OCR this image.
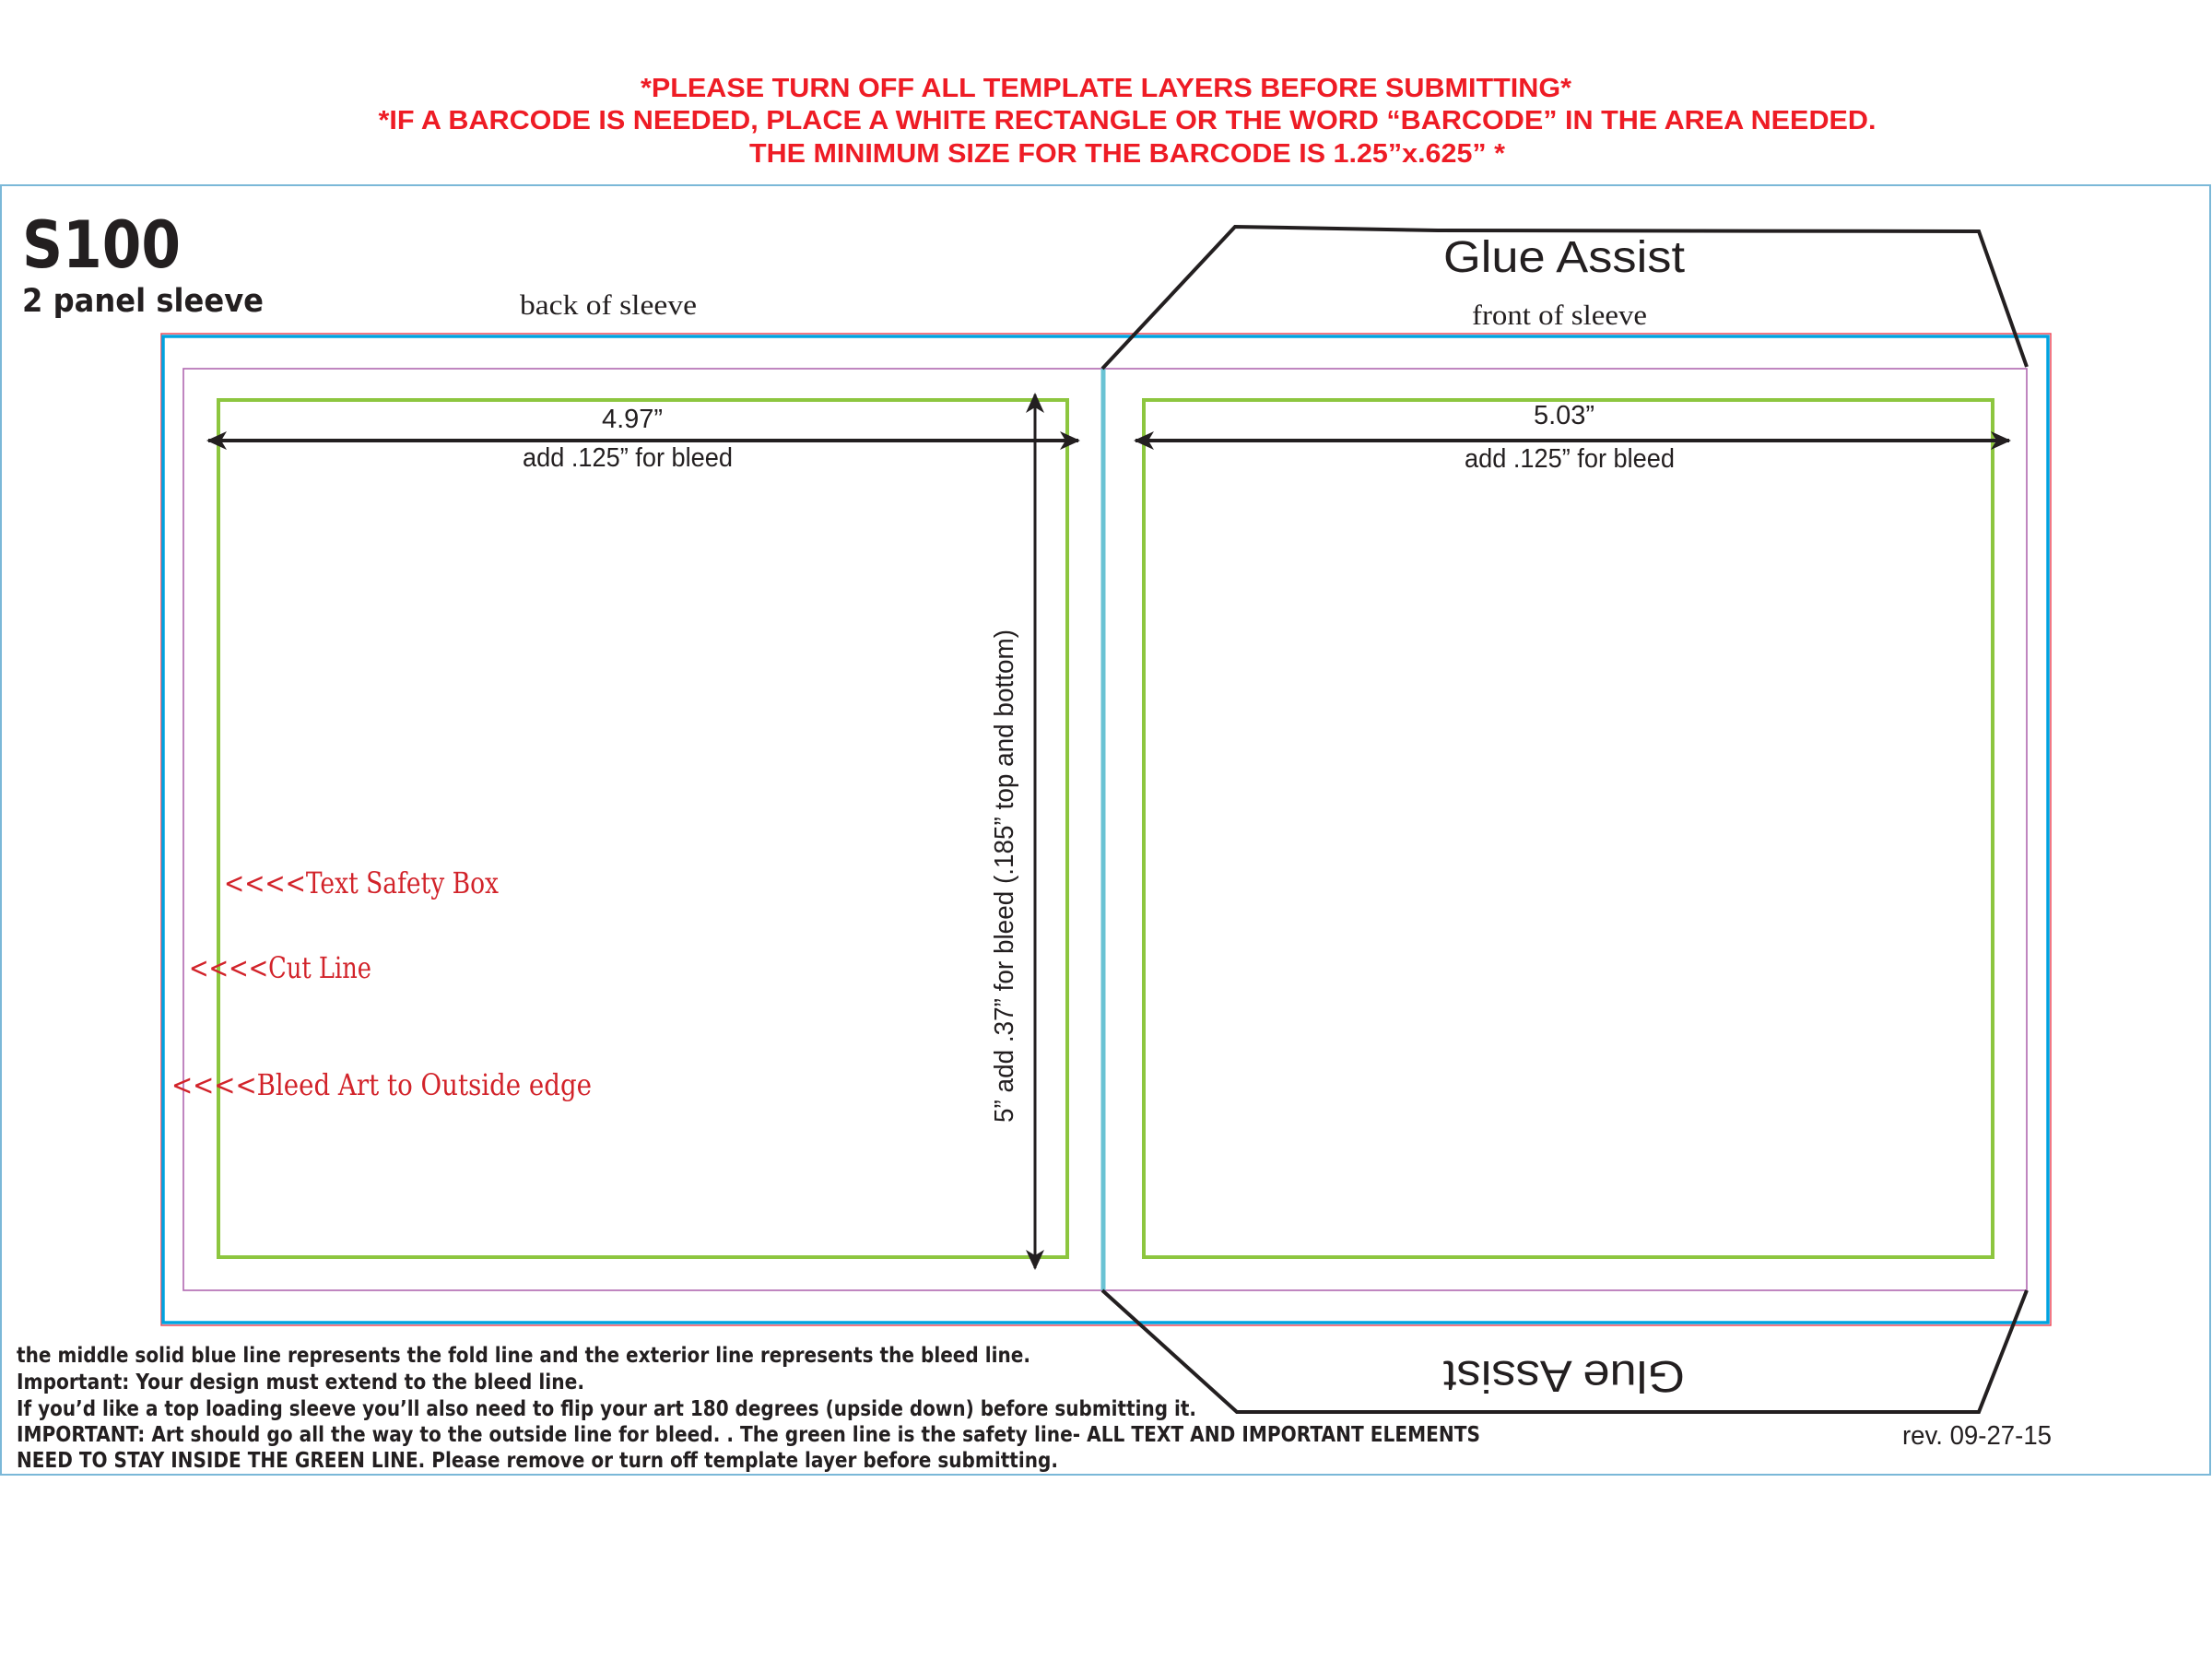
*PLEASE TURN OFF ALL TEMPLATE LAYERS BEFORE SUBMITTING*
*IF A BARCODE IS NEEDED, PLACE A WHITE RECTANGLE OR THE WORD “BARCODE” IN THE AREA NEEDED.
THE MINIMUM SIZE FOR THE BARCODE IS 1.25”x.625” *
S100
2 panel sleeve	back of sleeve	front of sleeve
Glue Assist
Glue Assist
4.97”
add .125” for bleed
5.03”
add .125” for bleed
5” add .37” for bleed (.185” top and bottom)
<<<<Text Safety Box
<<<<Cut Line
<<<<Bleed Art to Outside edge
the middle solid blue line represents the fold line and the exterior line represents the bleed line.
Important: Your design must extend to the bleed line.
If you’d like a top loading sleeve you’ll also need to flip your art 180 degrees (upside down) before submitting it.
IMPORTANT: Art should go all the way to the outside line for bleed. . The green line is the safety line- ALL TEXT AND IMPORTANT ELEMENTS
NEED TO STAY INSIDE THE GREEN LINE. Please remove or turn off template layer before submitting.
rev. 09-27-15
